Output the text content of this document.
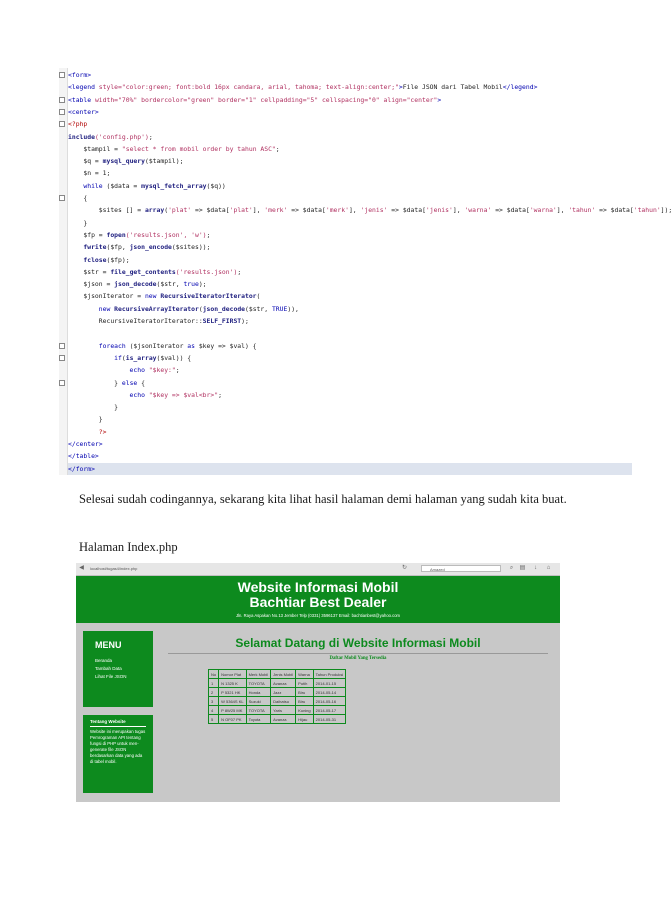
<form>
<legend style="color:green; font:bold 16px candara, arial, tahoma; text-align:center;">File JSON dari Tabel Mobil</legend>
<table width="70%" bordercolor="green" border="1" cellpadding="5" cellspacing="0" align="center">
<center>
<?php
include('config.php');
$tampil = "select * from mobil order by tahun ASC";
$q = mysql_query($tampil);
$n = 1;
while ($data = mysql_fetch_array($q))
{
$sites [] = array('plat' => $data['plat'], 'merk' => $data['merk'], 'jenis' => $data['jenis'], 'warna' => $data['warna'], 'tahun' => $data['tahun']);
}
$fp = fopen('results.json', 'w');
fwrite($fp, json_encode($sites));
fclose($fp);
$str = file_get_contents('results.json');
$json = json_decode($str, true);
$jsonIterator = new RecursiveIteratorIterator(
new RecursiveArrayIterator(json_decode($str, TRUE)),
RecursiveIteratorIterator::SELF_FIRST);
foreach ($jsonIterator as $key => $val) {
if(is_array($val)) {
echo "$key:";
} else {
echo "$key => $val<br>";
}
}
?>
</center>
</table>
</form>
Selesai sudah codingannya, sekarang kita lihat hasil halaman demi halaman yang sudah kita buat.
Halaman Index.php
◀ localhost/tugas4/index.php	↻	Amazed	⌕	▤	↓	⌂
Website Informasi Mobil
Bachtiar Best Dealer
Jln. Raya Aspakan No.13 Jember Telp (0331) 3596137 Email: bachtianbest@yahoo.com
MENU
Beranda
Tambah Data
Lihat File JSON
Tentang Website
Website ini merupakan tugas Pemrograman API tentang fungsi di PHP untuk men-generate file JSON berdasarkan data yang ada di tabel mobil.
Selamat Datang di Website Informasi Mobil
Daftar Mobil Yang Tersedia
No	Nomor Plat	Merk Mobil	Jenis Mobil	Warna	Tahun Produksi
1	N 1325 K	TOYOTA	Avanza	Putih	2014-01-15
2	P 5321 HK	Honda	Jazz	Biru	2014-05-14
3	W 5364S KL	Suzuki	Daihatsu	Biru	2014-05-16
4	P 8W25 MK	TOYOTA	Yaris	Kuning	2014-05-17
5	N OF07 PK	Toyota	Avanza	Hijau	2014-05-31
